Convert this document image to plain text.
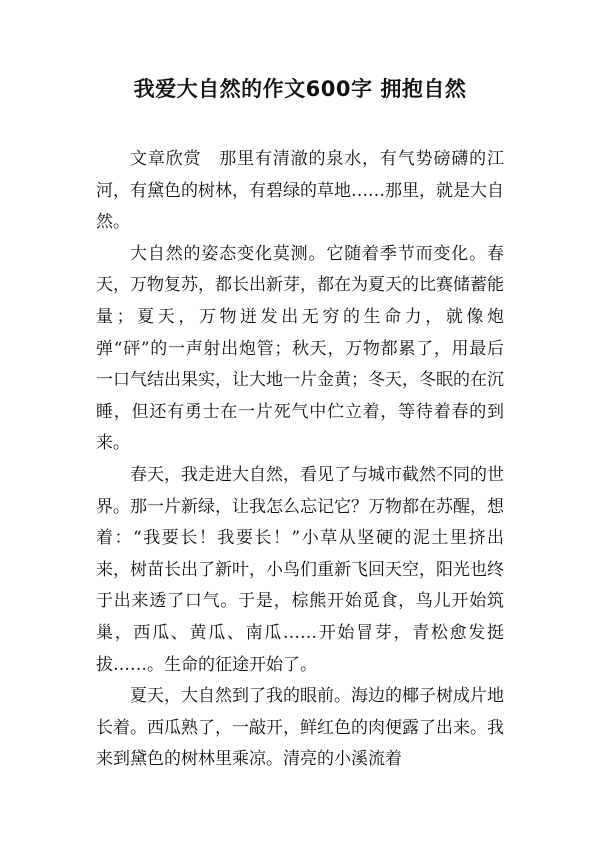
我爱大自然的作文600字 拥抱自然

文章欣赏　那里有清澈的泉水，有气势磅礴的江河，有黛色的树林，有碧绿的草地……那里，就是大自然。

大自然的姿态变化莫测。它随着季节而变化。春天，万物复苏，都长出新芽，都在为夏天的比赛储蓄能量；夏天，万物迸发出无穷的生命力，就像炮弹“砰”的一声射出炮管；秋天，万物都累了，用最后一口气结出果实，让大地一片金黄；冬天，冬眠的在沉睡，但还有勇士在一片死气中伫立着，等待着春的到来。

春天，我走进大自然，看见了与城市截然不同的世界。那一片新绿，让我怎么忘记它？万物都在苏醒，想着：“我要长！我要长！”小草从坚硬的泥土里挤出来，树苗长出了新叶，小鸟们重新飞回天空，阳光也终于出来透了口气。于是，棕熊开始觅食，鸟儿开始筑巢，西瓜、黄瓜、南瓜……开始冒芽，青松愈发挺拔……。生命的征途开始了。

夏天，大自然到了我的眼前。海边的椰子树成片地长着。西瓜熟了，一敲开，鲜红色的肉便露了出来。我来到黛色的树林里乘凉。清亮的小溪流着
